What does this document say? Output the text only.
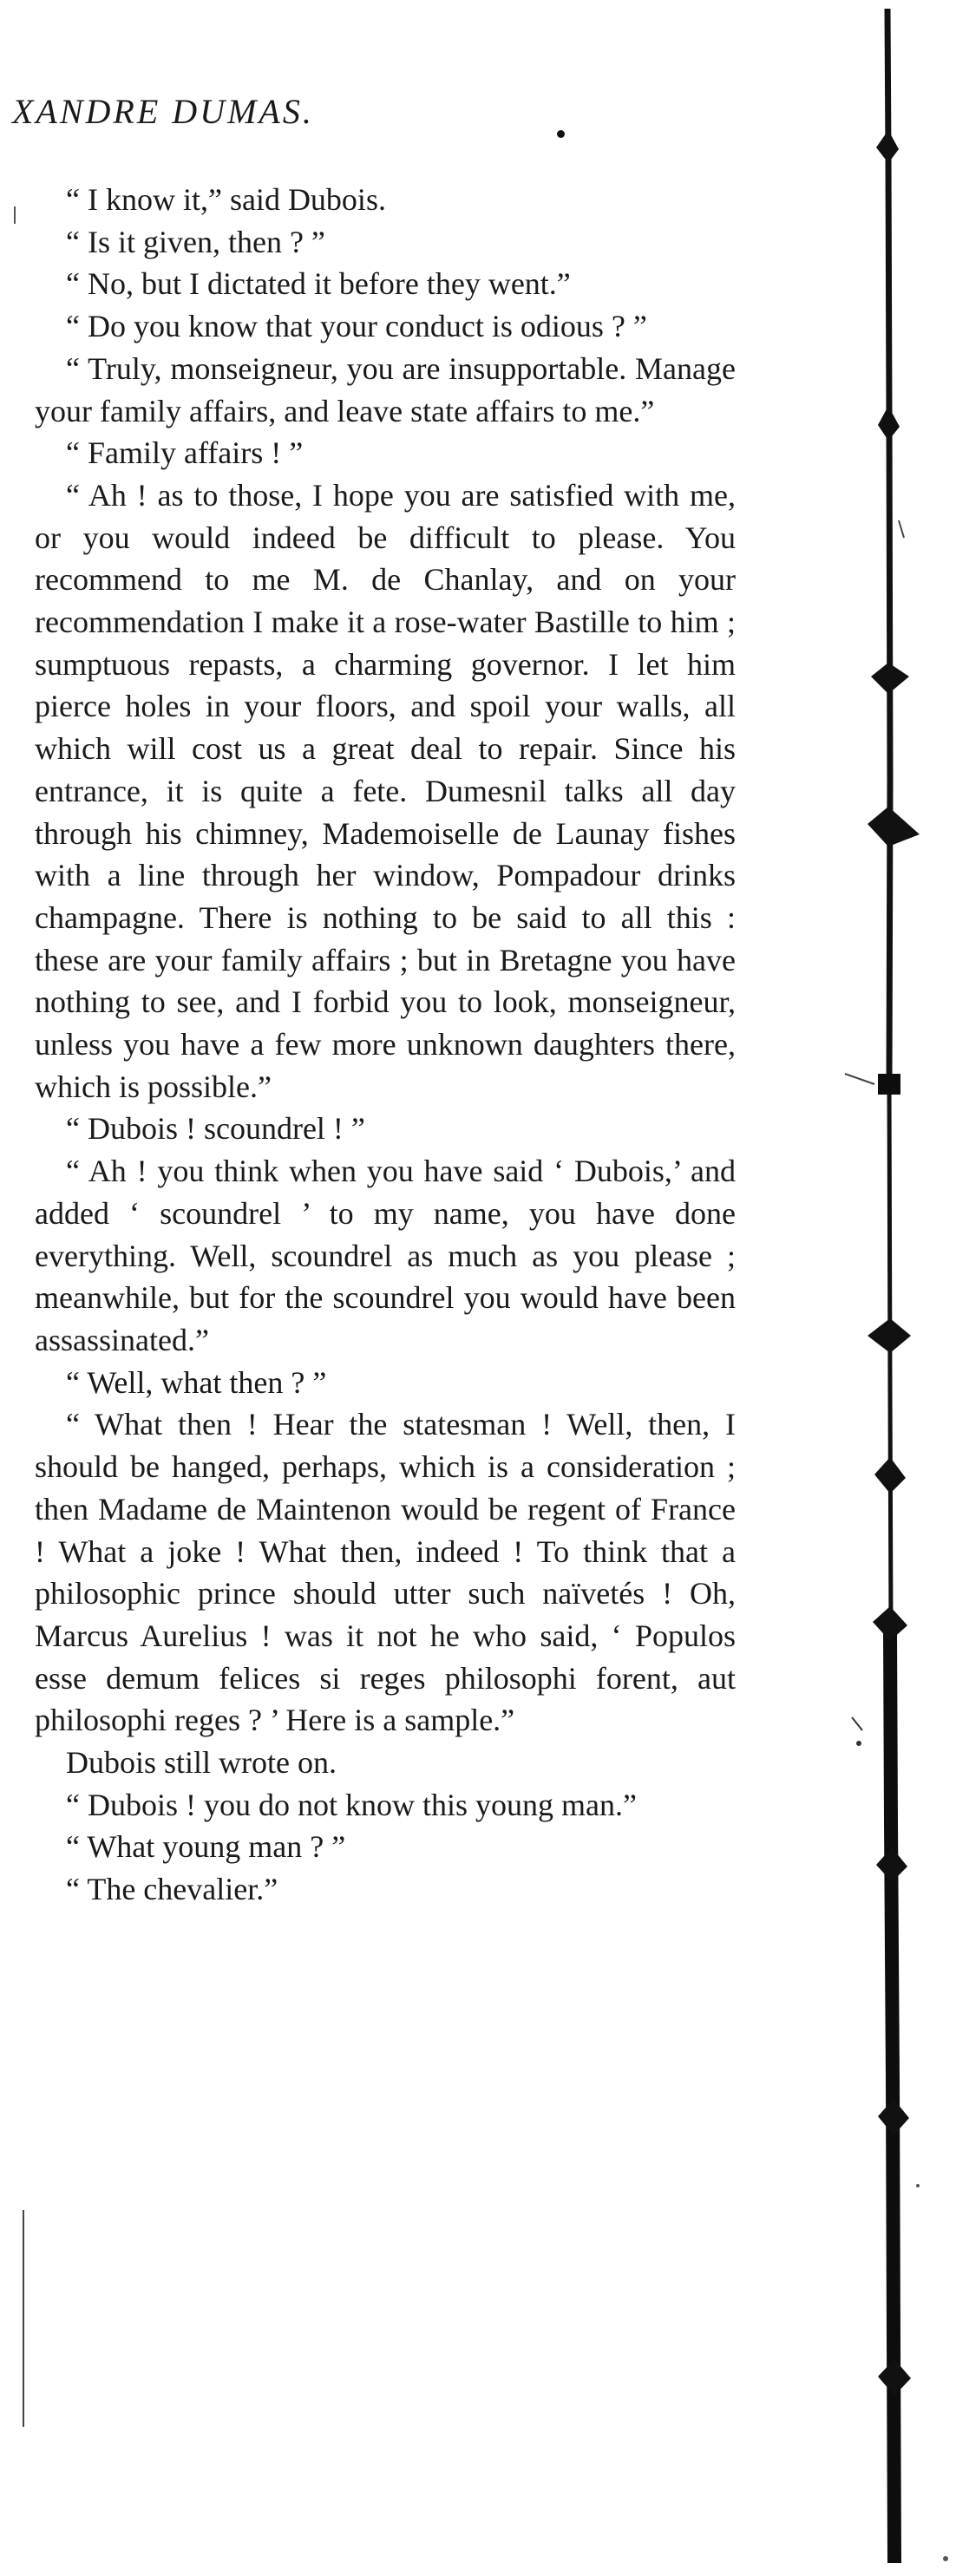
XANDRE DUMAS.

“ I know it,” said Dubois.

“ Is it given, then ? ”

“ No, but I dictated it before they went.”

“ Do you know that your conduct is odious ? ”

“ Truly, monseigneur, you are insupportable. Manage your family affairs, and leave state affairs to me.”

“ Family affairs ! ”

“ Ah ! as to those, I hope you are satisfied with me, or you would indeed be difficult to please. You recommend to me M. de Chanlay, and on your recommendation I make it a rose-water Bastille to him ; sumptuous repasts, a charming governor. I let him pierce holes in your floors, and spoil your walls, all which will cost us a great deal to repair. Since his entrance, it is quite a fete. Dumesnil talks all day through his chimney, Mademoiselle de Launay fishes with a line through her window, Pompadour drinks champagne. There is nothing to be said to all this : these are your family affairs ; but in Bretagne you have nothing to see, and I forbid you to look, monseigneur, unless you have a few more unknown daughters there, which is possible.”

“ Dubois ! scoundrel ! ”

“ Ah ! you think when you have said ‘ Dubois,’ and added ‘ scoundrel ’ to my name, you have done everything. Well, scoundrel as much as you please ; meanwhile, but for the scoundrel you would have been assassinated.”

“ Well, what then ? ”

“ What then ! Hear the statesman ! Well, then, I should be hanged, perhaps, which is a consideration ; then Madame de Maintenon would be regent of France ! What a joke ! What then, indeed ! To think that a philosophic prince should utter such naïvetés ! Oh, Marcus Aurelius ! was it not he who said, ‘ Populos esse demum felices si reges philosophi forent, aut philosophi reges ? ’ Here is a sample.”

Dubois still wrote on.

“ Dubois ! you do not know this young man.”

“ What young man ? ”

“ The chevalier.”
